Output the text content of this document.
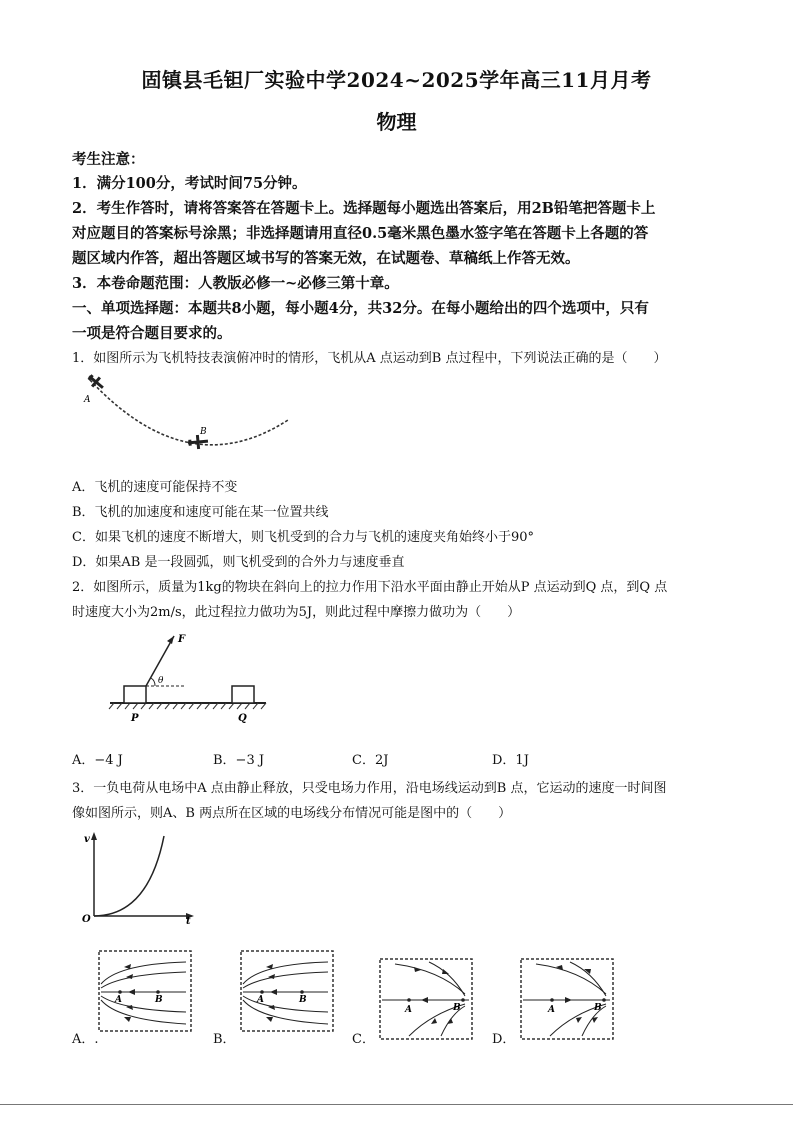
固镇县毛钽厂实验中学2024~2025学年高三11月月考
物理
考生注意：
1．满分100分，考试时间75分钟。
2．考生作答时，请将答案答在答题卡上。选择题每小题选出答案后，用2B铅笔把答题卡上
对应题目的答案标号涂黑；非选择题请用直径0.5毫米黑色墨水签字笔在答题卡上各题的答
题区域内作答，超出答题区域书写的答案无效，在试题卷、草稿纸上作答无效。
3．本卷命题范围：人教版必修一~必修三第十章。
一、单项选择题：本题共8小题，每小题4分，共32分。在每小题给出的四个选项中，只有
一项是符合题目要求的。
1．如图所示为飞机特技表演俯冲时的情形，飞机从A 点运动到B 点过程中，下列说法正确的是（　　）
A
B
A．飞机的速度可能保持不变
B．飞机的加速度和速度可能在某一位置共线
C．如果飞机的速度不断增大，则飞机受到的合力与飞机的速度夹角始终小于90°
D．如果AB 是一段圆弧，则飞机受到的合外力与速度垂直
2．如图所示，质量为1kg的物块在斜向上的拉力作用下沿水平面由静止开始从P 点运动到Q 点，到Q 点
时速度大小为2m/s，此过程拉力做功为5J，则此过程中摩擦力做功为（　　）
F
θ
P	Q
A．−4 J	B．−3 J	C．2J	D．1J
3．一负电荷从电场中A 点由静止释放，只受电场力作用，沿电场线运动到B 点，它运动的速度一时间图
像如图所示，则A、B 两点所在区域的电场线分布情况可能是图中的（　　）
v
O	t
A	B
A．.
A	B
B．
A	B
C．
A	B
D．
